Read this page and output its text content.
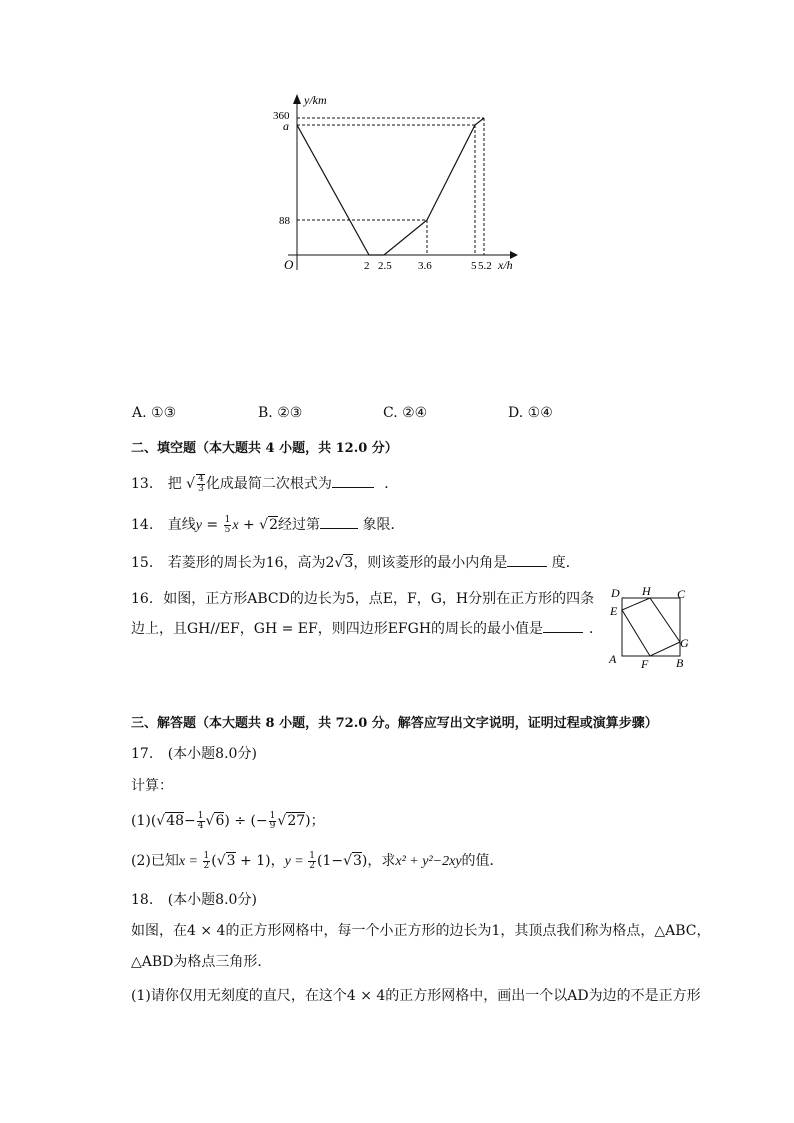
y/km
x/h
O
360
a
88
2 2.5 3.6	5 5.2
A. ①③	B. ②③	C. ②④	D. ①④
二、填空题（本大题共 4 小题，共 12.0 分）
13. 把 √ $\frac{4}{3}$ 化成最简二次根式为	．
14. 直线$y = \frac{1}{5}$ x + √2经过第	象限．
15. 若菱形的周长为16，高为2√3，则该菱形的最小内角是	度．
16. 如图，正方形ABCD的边长为5，点E，F，G，H分别在正方形的四条
边上，且GH//EF，GH = EF，则四边形EFGH的周长的最小值是	．
D H C
E
G
A F B
三、解答题（本大题共 8 小题，共 72.0 分。解答应写出文字说明，证明过程或演算步骤）
17. (本小题8.0分)
计算：
$(1)(√48- \frac{1}{4} √6)$ ÷ (− $\frac{1}{9} √27$)；
(2)已知$x = \frac{1}{2} (√3 + 1)$，$y = \frac{1}{2} (1-√3)$，求x² + y²−2xy的值．
18. (本小题8.0分)
如图，在4 × 4的正方形网格中，每一个小正方形的边长为1，其顶点我们称为格点，△ABC，
△ABD为格点三角形．
(1)请你仅用无刻度的直尺，在这个4 × 4的正方形网格中，画出一个以AD为边的不是正方形
